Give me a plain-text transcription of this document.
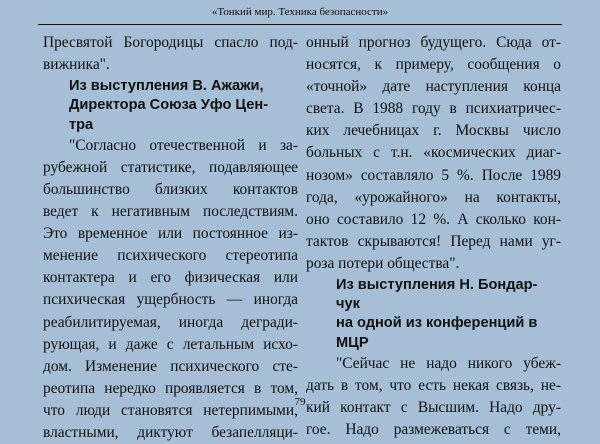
«Тонкий мир. Техника безопасности»
Пресвятой Богородицы спасло под-
вижника".
Из выступления В. Ажажи,
Директора Союза Уфо Цен-
тра
"Согласно отечественной и за-
рубежной статистике, подавляющее
большинство близких контактов
ведет к негативным последствиям.
Это временное или постоянное из-
менение психического стереотипа
контактера и его физическая или
психическая ущербность — иногда
реабилитируемая, иногда дегради-
рующая, и даже с летальным исхо-
дом. Изменение психического сте-
реотипа нередко проявляется в том,
что люди становятся нетерпимыми,
властными, диктуют безапелляци-
онный прогноз будущего. Сюда от-
носятся, к примеру, сообщения о
«точной» дате наступления конца
света. В 1988 году в психиатричес-
ких лечебницах г. Москвы число
больных с т.н. «космических диаг-
нозом» составляло 5 %. После 1989
года, «урожайного» на контакты,
оно составило 12 %. А сколько кон-
тактов скрываются! Перед нами уг-
роза потери общества".
Из выступления Н. Бондар-
чук
на одной из конференций в
МЦР
"Сейчас не надо никого убеж-
дать в том, что есть некая связь, не-
кий контакт с Высшим. Надо дру-
гое. Надо размежеваться с теми,
79
